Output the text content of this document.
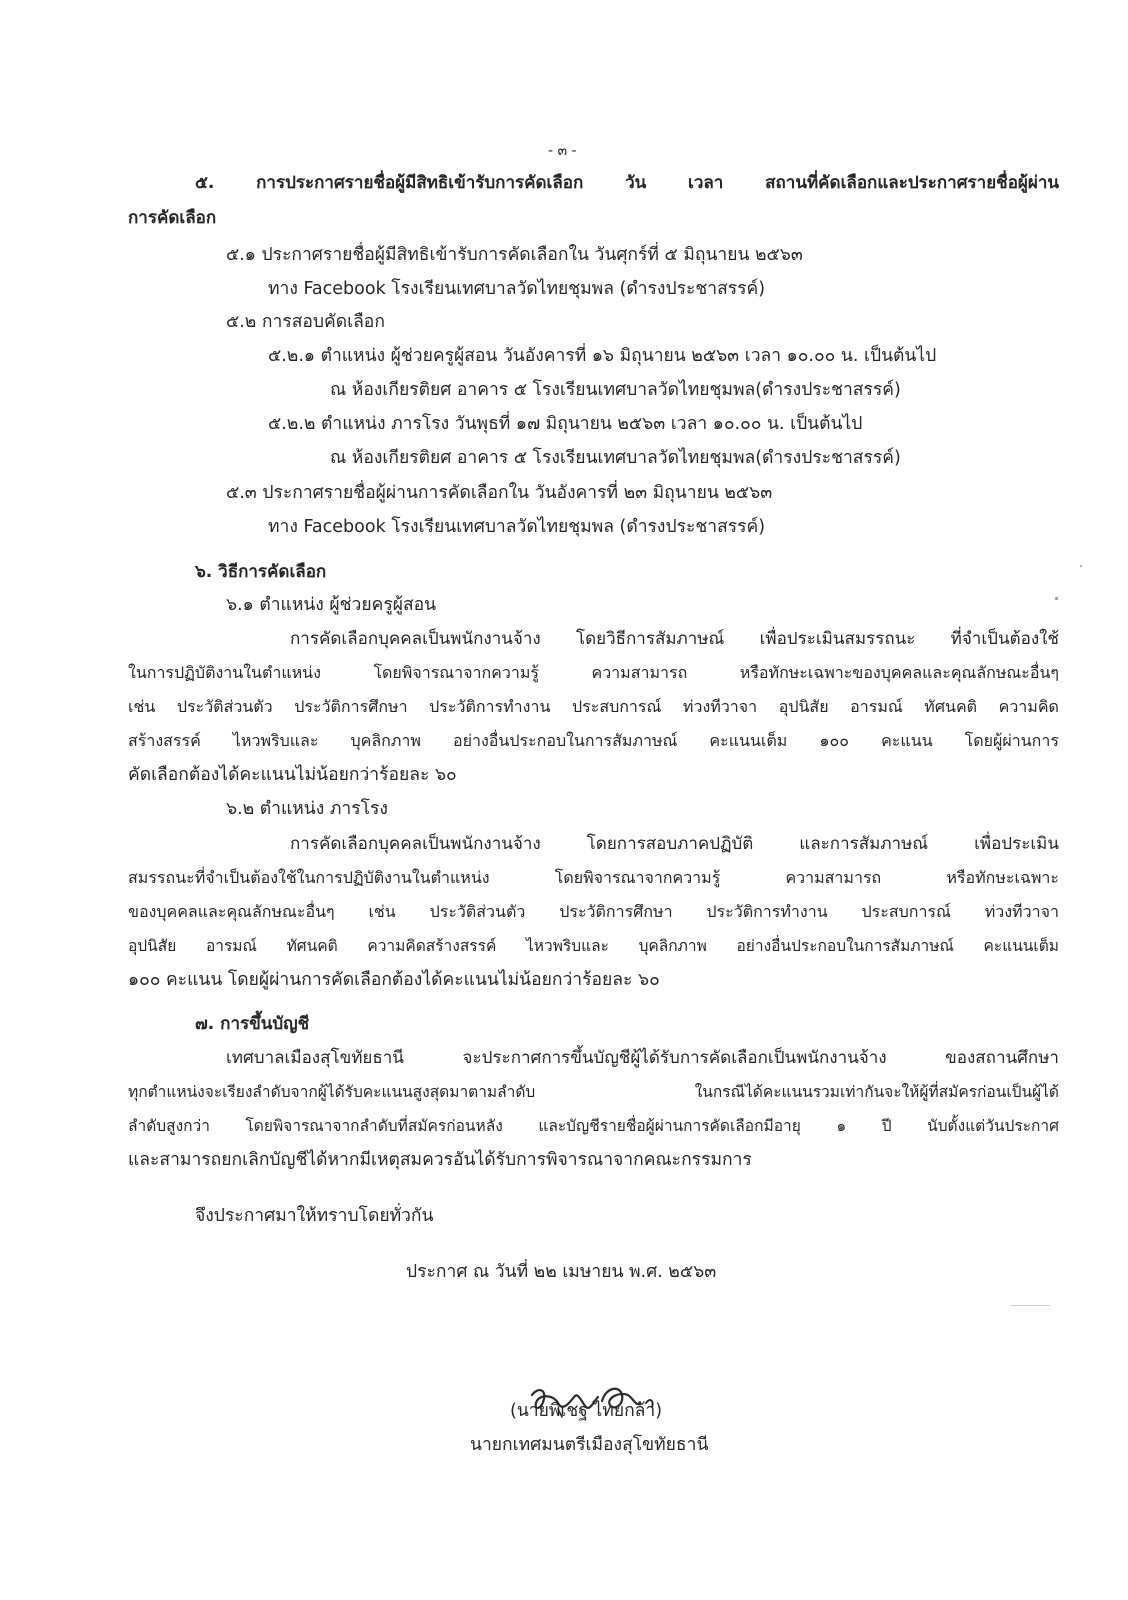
- ๓ -
๕. การประกาศรายชื่อผู้มีสิทธิเข้ารับการคัดเลือก วัน เวลา สถานที่คัดเลือกและประกาศรายชื่อผู้ผ่าน
การคัดเลือก
๕.๑ ประกาศรายชื่อผู้มีสิทธิเข้ารับการคัดเลือกใน วันศุกร์ที่ ๕ มิถุนายน ๒๕๖๓
ทาง Facebook โรงเรียนเทศบาลวัดไทยชุมพล (ดำรงประชาสรรค์)
๕.๒ การสอบคัดเลือก
๕.๒.๑ ตำแหน่ง ผู้ช่วยครูผู้สอน วันอังคารที่ ๑๖ มิถุนายน ๒๕๖๓ เวลา ๑๐.๐๐ น. เป็นต้นไป
ณ ห้องเกียรติยศ อาคาร ๕ โรงเรียนเทศบาลวัดไทยชุมพล(ดำรงประชาสรรค์)
๕.๒.๒ ตำแหน่ง ภารโรง วันพุธที่ ๑๗ มิถุนายน ๒๕๖๓ เวลา ๑๐.๐๐ น. เป็นต้นไป
ณ ห้องเกียรติยศ อาคาร ๕ โรงเรียนเทศบาลวัดไทยชุมพล(ดำรงประชาสรรค์)
๕.๓ ประกาศรายชื่อผู้ผ่านการคัดเลือกใน วันอังคารที่ ๒๓ มิถุนายน ๒๕๖๓
ทาง Facebook โรงเรียนเทศบาลวัดไทยชุมพล (ดำรงประชาสรรค์)
๖. วิธีการคัดเลือก
๖.๑ ตำแหน่ง ผู้ช่วยครูผู้สอน
การคัดเลือกบุคคลเป็นพนักงานจ้าง โดยวิธีการสัมภาษณ์ เพื่อประเมินสมรรถนะ ที่จำเป็นต้องใช้
ในการปฏิบัติงานในตำแหน่ง	โดยพิจารณาจากความรู้	ความสามารถ	หรือทักษะเฉพาะของบุคคลและคุณลักษณะอื่นๆ
เช่น ประวัติส่วนตัว ประวัติการศึกษา ประวัติการทำงาน ประสบการณ์ ท่วงทีวาจา อุปนิสัย อารมณ์ ทัศนคติ ความคิด
สร้างสรรค์ ไหวพริบและ บุคลิกภาพ อย่างอื่นประกอบในการสัมภาษณ์ คะแนนเต็ม ๑๐๐ คะแนน โดยผู้ผ่านการ
คัดเลือกต้องได้คะแนนไม่น้อยกว่าร้อยละ ๖๐
๖.๒ ตำแหน่ง ภารโรง
การคัดเลือกบุคคลเป็นพนักงานจ้าง	โดยการสอบภาคปฏิบัติ	และการสัมภาษณ์	เพื่อประเมิน
สมรรถนะที่จำเป็นต้องใช้ในการปฏิบัติงานในตำแหน่ง	โดยพิจารณาจากความรู้	ความสามารถ	หรือทักษะเฉพาะ
ของบุคคลและคุณลักษณะอื่นๆ เช่น ประวัติส่วนตัว ประวัติการศึกษา ประวัติการทำงาน ประสบการณ์ ท่วงทีวาจา
อุปนิสัย อารมณ์ ทัศนคติ ความคิดสร้างสรรค์ ไหวพริบและ บุคลิกภาพ อย่างอื่นประกอบในการสัมภาษณ์ คะแนนเต็ม
๑๐๐ คะแนน โดยผู้ผ่านการคัดเลือกต้องได้คะแนนไม่น้อยกว่าร้อยละ ๖๐
๗. การขึ้นบัญชี
เทศบาลเมืองสุโขทัยธานี	จะประกาศการขึ้นบัญชีผู้ได้รับการคัดเลือกเป็นพนักงานจ้าง	ของสถานศึกษา
ทุกตำแหน่งจะเรียงลำดับจากผู้ได้รับคะแนนสูงสุดมาตามลำดับ	ในกรณีได้คะแนนรวมเท่ากันจะให้ผู้ที่สมัครก่อนเป็นผู้ได้
ลำดับสูงกว่า โดยพิจารณาจากลำดับที่สมัครก่อนหลัง และบัญชีรายชื่อผู้ผ่านการคัดเลือกมีอายุ ๑ ปี นับตั้งแต่วันประกาศ
และสามารถยกเลิกบัญชีได้หากมีเหตุสมควรอันได้รับการพิจารณาจากคณะกรรมการ
จึงประกาศมาให้ทราบโดยทั่วกัน
ประกาศ ณ วันที่ ๒๒ เมษายน พ.ศ. ๒๕๖๓
(นายพิเชฐ ไทยกล้า)
นายกเทศมนตรีเมืองสุโขทัยธานี
